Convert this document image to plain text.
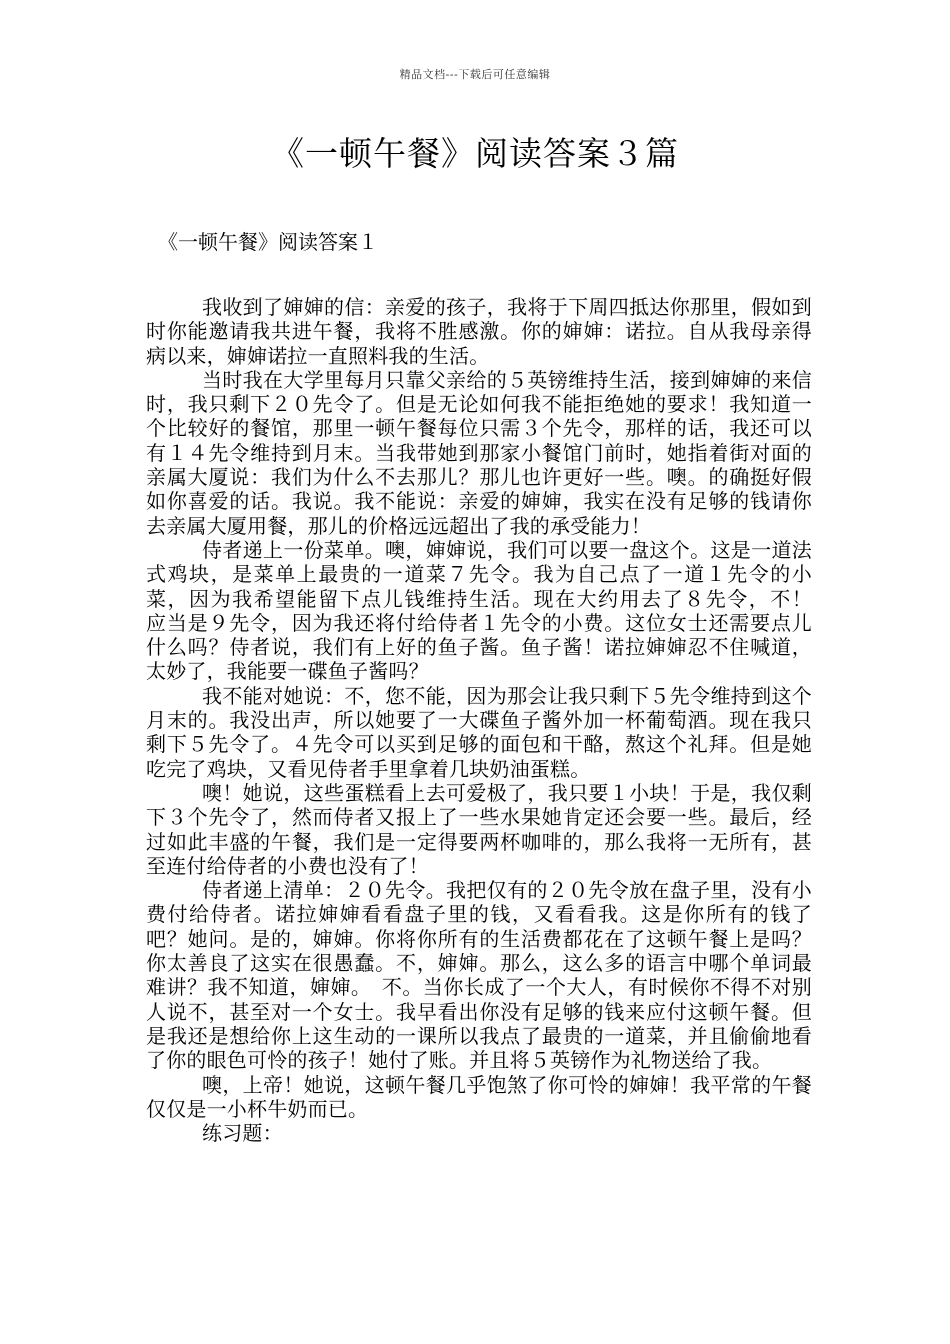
精品文档---下载后可任意编辑
《一顿午餐》阅读答案３篇
《一顿午餐》阅读答案１

我收到了婶婶的信：亲爱的孩子，我将于下周四抵达你那里，假如到时你能邀请我共进午餐，我将不胜感激。你的婶婶：诺拉。自从我母亲得病以来，婶婶诺拉一直照料我的生活。

当时我在大学里每月只靠父亲给的５英镑维持生活，接到婶婶的来信时，我只剩下２０先令了。但是无论如何我不能拒绝她的要求！我知道一个比较好的餐馆，那里一顿午餐每位只需３个先令，那样的话，我还可以有１４先令维持到月末。当我带她到那家小餐馆门前时，她指着街对面的亲属大厦说：我们为什么不去那儿？那儿也许更好一些。噢。的确挺好假如你喜爱的话。我说。我不能说：亲爱的婶婶，我实在没有足够的钱请你去亲属大厦用餐，那儿的价格远远超出了我的承受能力！

侍者递上一份菜单。噢，婶婶说，我们可以要一盘这个。这是一道法式鸡块，是菜单上最贵的一道菜７先令。我为自己点了一道１先令的小菜，因为我希望能留下点儿钱维持生活。现在大约用去了８先令，不！　应当是９先令，因为我还将付给侍者１先令的小费。这位女士还需要点儿什么吗？侍者说，我们有上好的鱼子酱。鱼子酱！诺拉婶婶忍不住喊道，太妙了，我能要一碟鱼子酱吗？

我不能对她说：不，您不能，因为那会让我只剩下５先令维持到这个月末的。我没出声，所以她要了一大碟鱼子酱外加一杯葡萄酒。现在我只剩下５先令了。４先令可以买到足够的面包和干酪，熬这个礼拜。但是她吃完了鸡块，又看见侍者手里拿着几块奶油蛋糕。

噢！她说，这些蛋糕看上去可爱极了，我只要１小块！于是，我仅剩下３个先令了，然而侍者又报上了一些水果她肯定还会要一些。最后，经过如此丰盛的午餐，我们是一定得要两杯咖啡的，那么我将一无所有，甚至连付给侍者的小费也没有了！

侍者递上清单：２０先令。我把仅有的２０先令放在盘子里，没有小费付给侍者。诺拉婶婶看看盘子里的钱，又看看我。这是你所有的钱了吧？她问。是的，婶婶。你将你所有的生活费都花在了这顿午餐上是吗？你太善良了这实在很愚蠢。不，婶婶。那么，这么多的语言中哪个单词最难讲？我不知道，婶婶。　不。当你长成了一个大人，有时候你不得不对别人说不，甚至对一个女士。我早看出你没有足够的钱来应付这顿午餐。但是我还是想给你上这生动的一课所以我点了最贵的一道菜，并且偷偷地看了你的眼色可怜的孩子！她付了账。并且将５英镑作为礼物送给了我。

噢，上帝！她说，这顿午餐几乎饱煞了你可怜的婶婶！我平常的午餐仅仅是一小杯牛奶而已。

练习题：
